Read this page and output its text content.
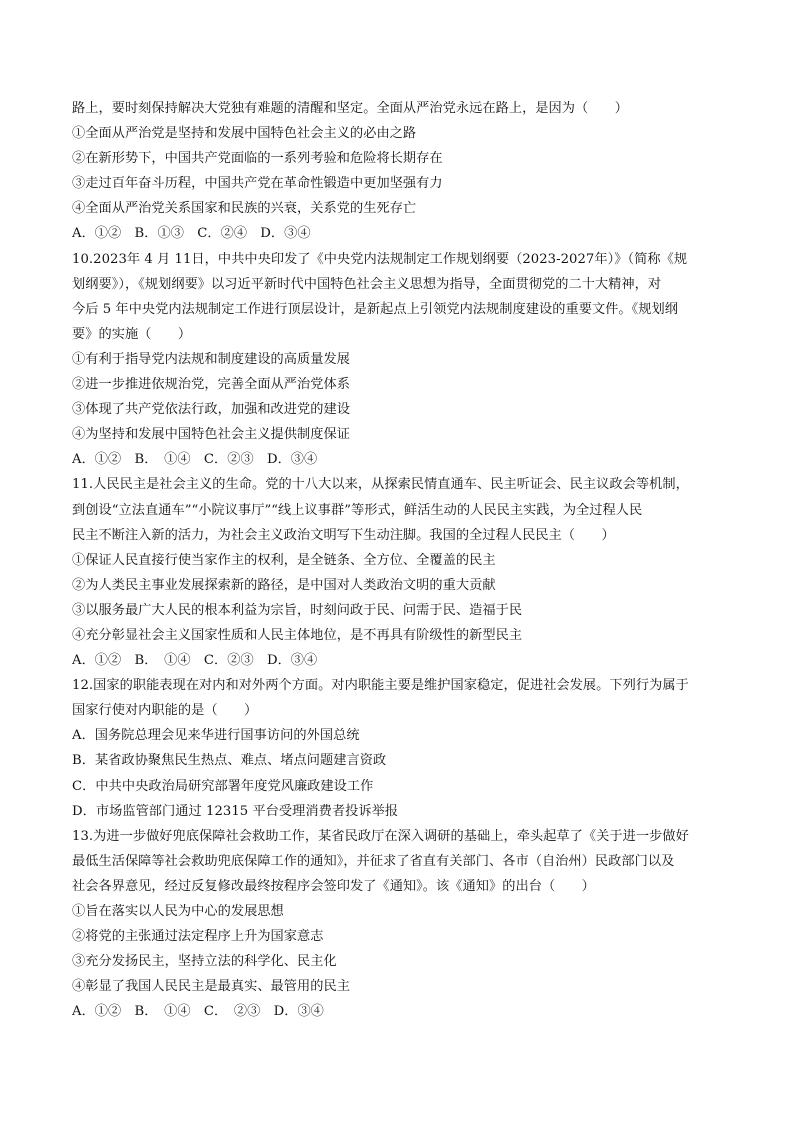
路上，要时刻保持解决大党独有难题的清醒和坚定。全面从严治党永远在路上，是因为（　　）
①全面从严治党是坚持和发展中国特色社会主义的必由之路
②在新形势下，中国共产党面临的一系列考验和危险将长期存在
③走过百年奋斗历程，中国共产党在革命性锻造中更加坚强有力
④全面从严治党关系国家和民族的兴衰，关系党的生死存亡
A．①②　B．①③　C．②④　D．③④
10.2023年 4 月 11日，中共中央印发了《中央党内法规制定工作规划纲要（2023-2027年）》（简称《规
划纲要》），《规划纲要》以习近平新时代中国特色社会主义思想为指导，全面贯彻党的二十大精神，对
今后 5 年中央党内法规制定工作进行顶层设计，是新起点上引领党内法规制度建设的重要文件。《规划纲
要》的实施（　　）
①有利于指导党内法规和制度建设的高质量发展
②进一步推进依规治党，完善全面从严治党体系
③体现了共产党依法行政，加强和改进党的建设
④为坚持和发展中国特色社会主义提供制度保证
A．①②　B．　①④　C．②③　D．③④
11.人民民主是社会主义的生命。党的十八大以来，从探索民情直通车、民主听证会、民主议政会等机制，
到创设“立法直通车”“小院议事厅”“线上议事群”等形式，鲜活生动的人民民主实践，为全过程人民
民主不断注入新的活力，为社会主义政治文明写下生动注脚。我国的全过程人民民主（　　）
①保证人民直接行使当家作主的权利，是全链条、全方位、全覆盖的民主
②为人类民主事业发展探索新的路径，是中国对人类政治文明的重大贡献
③以服务最广大人民的根本利益为宗旨，时刻问政于民、问需于民、造福于民
④充分彰显社会主义国家性质和人民主体地位，是不再具有阶级性的新型民主
A．①②　B．　①④　C．②③　D．③④
12.国家的职能表现在对内和对外两个方面。对内职能主要是维护国家稳定，促进社会发展。下列行为属于
国家行使对内职能的是（　　）
A．国务院总理会见来华进行国事访问的外国总统
B．某省政协聚焦民生热点、难点、堵点问题建言资政
C．中共中央政治局研究部署年度党风廉政建设工作
D．市场监管部门通过 12315 平台受理消费者投诉举报
13.为进一步做好兜底保障社会救助工作，某省民政厅在深入调研的基础上，牵头起草了《关于进一步做好
最低生活保障等社会救助兜底保障工作的通知》，并征求了省直有关部门、各市（自治州）民政部门以及
社会各界意见，经过反复修改最终按程序会签印发了《通知》。该《通知》的出台（　　）
①旨在落实以人民为中心的发展思想
②将党的主张通过法定程序上升为国家意志
③充分发扬民主，坚持立法的科学化、民主化
④彰显了我国人民民主是最真实、最管用的民主
A．①②　B．　①④　C．　②③　D．③④
